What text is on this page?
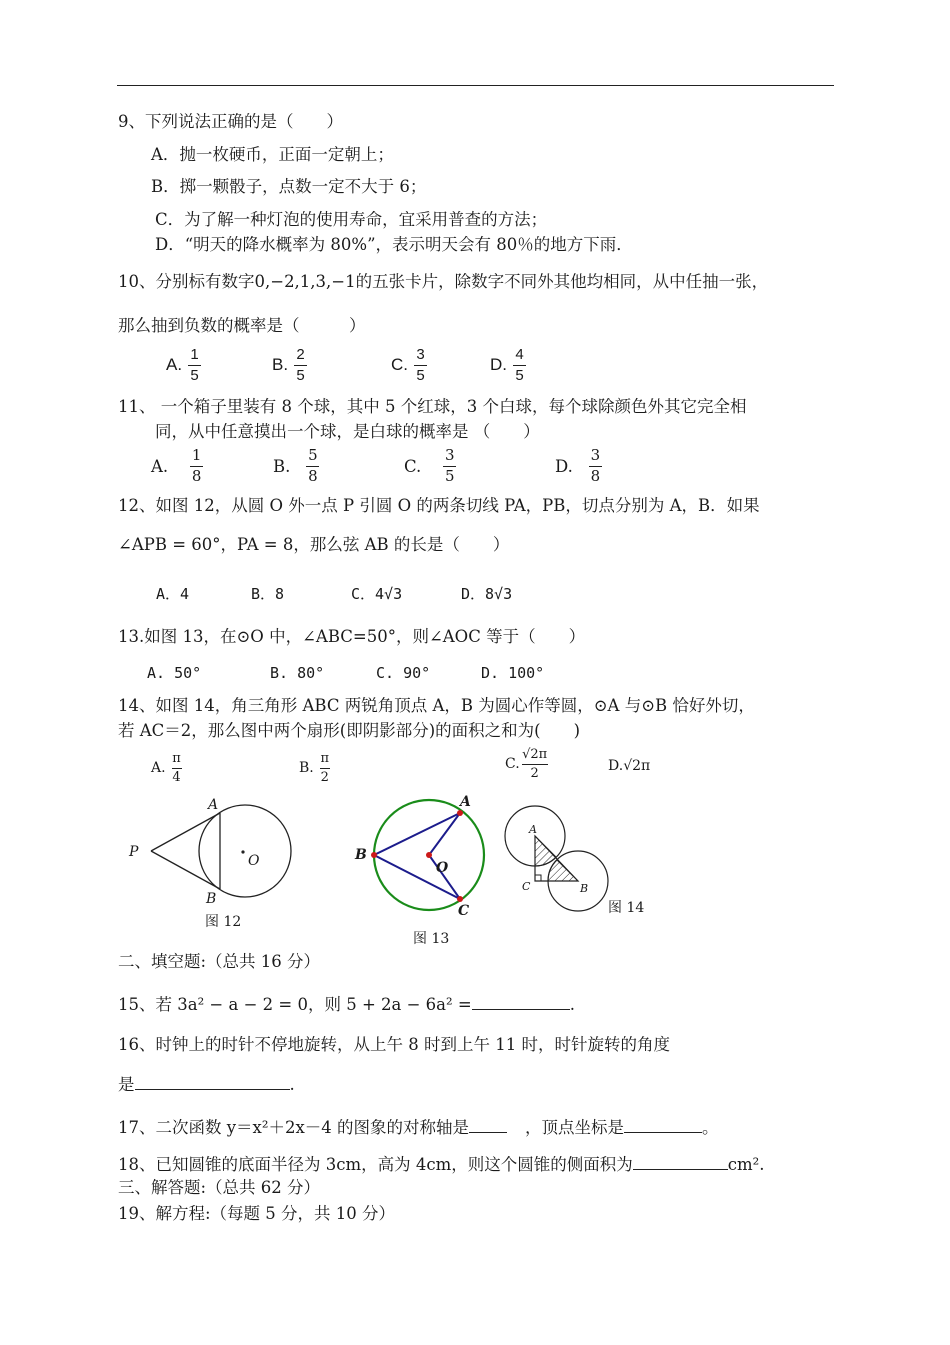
9、下列说法正确的是（　　）
A．抛一枚硬币，正面一定朝上；
B．掷一颗骰子，点数一定不大于 6；
C．为了解一种灯泡的使用寿命，宜采用普查的方法；
D．“明天的降水概率为 80%”，表示明天会有 80％的地方下雨．
10、分别标有数字0,−2,1,3,−1的五张卡片，除数字不同外其他均相同，从中任抽一张，
那么抽到负数的概率是（　　　）
A. $\frac{1}{5}$	B. $\frac{2}{5}$	C. $\frac{3}{5}$	D. $\frac{4}{5}$
11、 一个箱子里装有 8 个球，其中 5 个红球，3 个白球，每个球除颜色外其它完全相
同，从中任意摸出一个球，是白球的概率是 （　　）
A. $\frac{1}{8}$	B. $\frac{5}{8}$	C. $\frac{3}{5}$	D. $\frac{3}{8}$
12、如图 12，从圆 O 外一点 P 引圆 O 的两条切线 PA，PB，切点分别为 A，B．如果
∠APB = 60°，PA = 8，那么弦 AB 的长是（　　）
A．4	B．8	C．4√3	D．8√3
13.如图 13，在⊙O 中，∠ABC=50°，则∠AOC 等于（　　）
A. 50°	B. 80°	C. 90°	D. 100°
14、如图 14，角三角形 ABC 两锐角顶点 A，B 为圆心作等圆，⊙A 与⊙B 恰好外切，
若 AC＝2，那么图中两个扇形(即阴影部分)的面积之和为(　　)
A. $\frac{\pi}{4}$	B. $\frac{\pi}{2}$	C. $\frac{√2\pi}{2}$	D. √2π
A
B
P
O
图 12
A
B
C
O
图 13
A
C	B
图 14
二、填空题:（总共 16 分）
15、若 3a² − a − 2 = 0，则 5 + 2a − 6a² =	.
16、时钟上的时针不停地旋转，从上午 8 时到上午 11 时，时针旋转的角度
是	.
17、二次函数 y＝x²＋2x－4 的图象的对称轴是	，顶点坐标是	。
18、已知圆锥的底面半径为 3cm，高为 4cm，则这个圆锥的侧面积为	cm².
三、解答题:（总共 62 分）
19、解方程:（每题 5 分，共 10 分）
